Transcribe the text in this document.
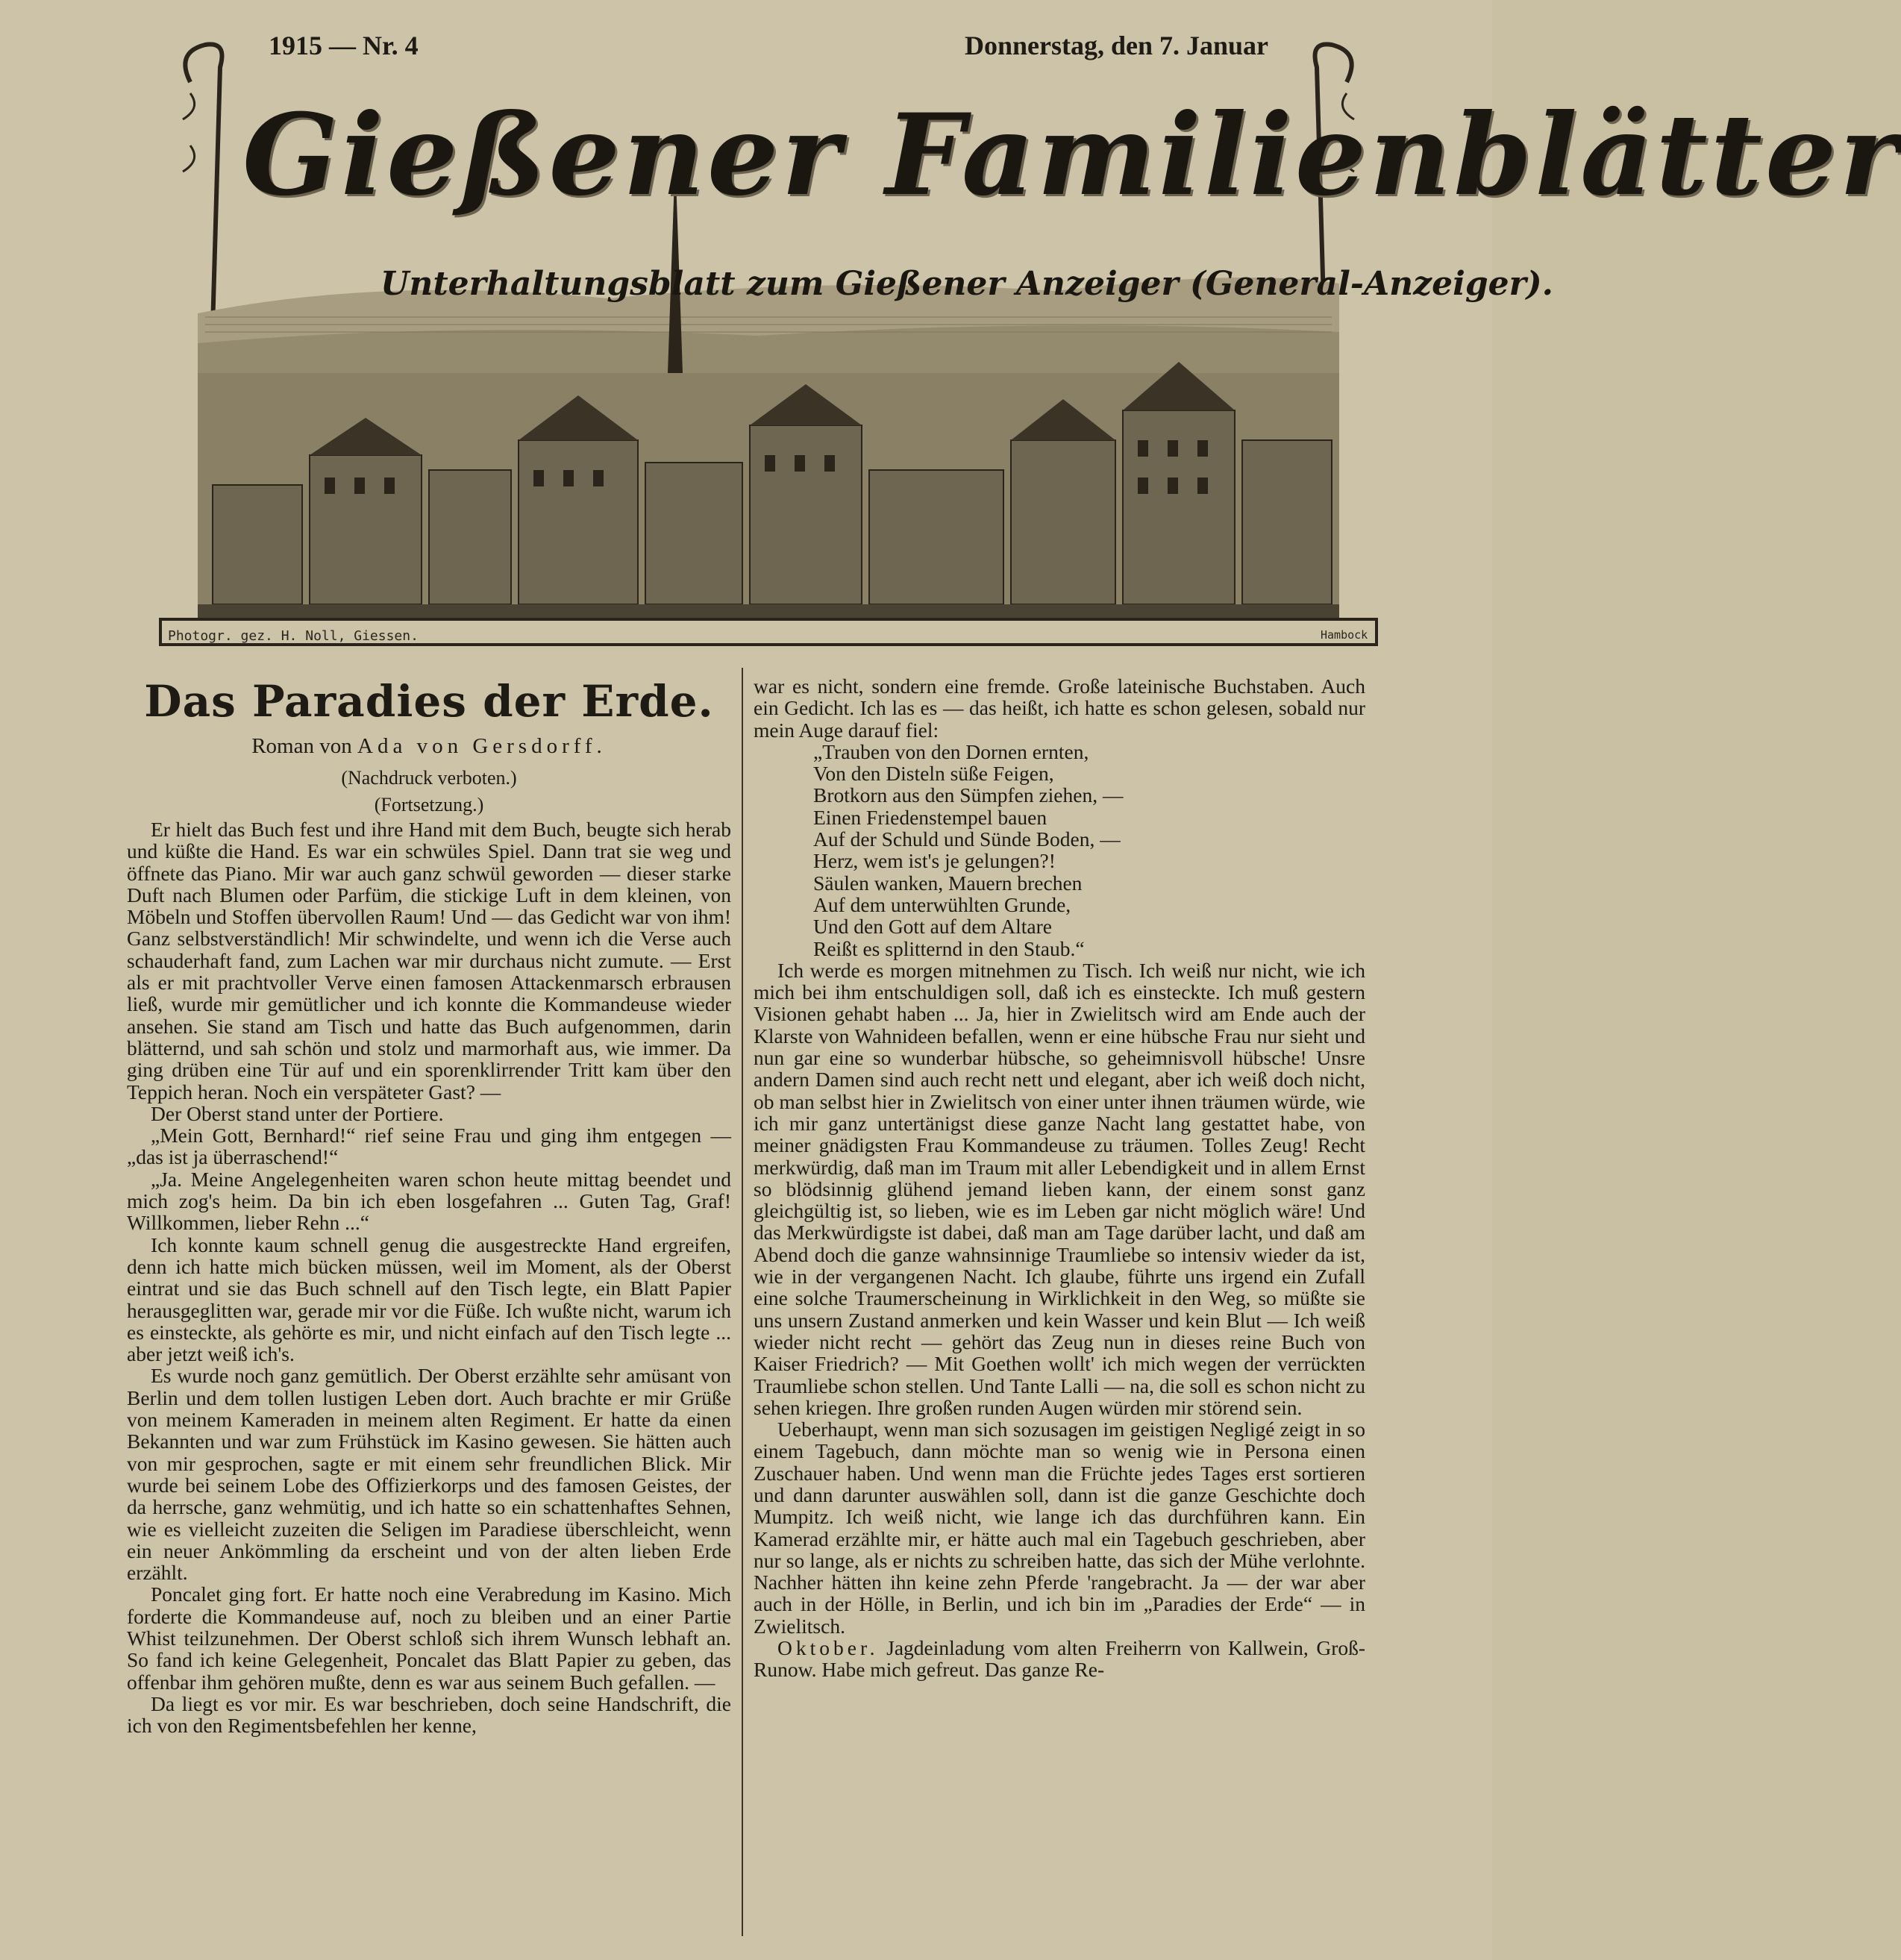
1915 — Nr. 4	Donnerstag, den 7. Januar
Gießener Familienblätter
Unterhaltungsblatt zum Gießener Anzeiger (General-Anzeiger).
Photogr. gez. H. Noll, Giessen.	Hambock
Das Paradies der Erde.
Roman von Ada von Gersdorff.
(Nachdruck verboten.)
(Fortsetzung.)

Er hielt das Buch fest und ihre Hand mit dem Buch, beugte sich herab und küßte die Hand. Es war ein schwüles Spiel. Dann trat sie weg und öffnete das Piano. Mir war auch ganz schwül geworden — dieser starke Duft nach Blumen oder Parfüm, die stickige Luft in dem kleinen, von Möbeln und Stoffen übervollen Raum! Und — das Gedicht war von ihm! Ganz selbstverständlich! Mir schwindelte, und wenn ich die Verse auch schauderhaft fand, zum Lachen war mir durchaus nicht zumute. — Erst als er mit prachtvoller Verve einen famosen Attackenmarsch erbrausen ließ, wurde mir gemütlicher und ich konnte die Kommandeuse wieder ansehen. Sie stand am Tisch und hatte das Buch aufgenommen, darin blätternd, und sah schön und stolz und marmorhaft aus, wie immer. Da ging drüben eine Tür auf und ein sporenklirrender Tritt kam über den Teppich heran. Noch ein verspäteter Gast? —

Der Oberst stand unter der Portiere.

„Mein Gott, Bernhard!“ rief seine Frau und ging ihm entgegen — „das ist ja überraschend!“

„Ja. Meine Angelegenheiten waren schon heute mittag beendet und mich zog's heim. Da bin ich eben losgefahren ... Guten Tag, Graf! Willkommen, lieber Rehn ...“

Ich konnte kaum schnell genug die ausgestreckte Hand ergreifen, denn ich hatte mich bücken müssen, weil im Moment, als der Oberst eintrat und sie das Buch schnell auf den Tisch legte, ein Blatt Papier herausgeglitten war, gerade mir vor die Füße. Ich wußte nicht, warum ich es einsteckte, als gehörte es mir, und nicht einfach auf den Tisch legte ... aber jetzt weiß ich's.

Es wurde noch ganz gemütlich. Der Oberst erzählte sehr amüsant von Berlin und dem tollen lustigen Leben dort. Auch brachte er mir Grüße von meinem Kameraden in meinem alten Regiment. Er hatte da einen Bekannten und war zum Frühstück im Kasino gewesen. Sie hätten auch von mir gesprochen, sagte er mit einem sehr freundlichen Blick. Mir wurde bei seinem Lobe des Offizierkorps und des famosen Geistes, der da herrsche, ganz wehmütig, und ich hatte so ein schattenhaftes Sehnen, wie es vielleicht zuzeiten die Seligen im Paradiese überschleicht, wenn ein neuer Ankömmling da erscheint und von der alten lieben Erde erzählt.

Poncalet ging fort. Er hatte noch eine Verabredung im Kasino. Mich forderte die Kommandeuse auf, noch zu bleiben und an einer Partie Whist teilzunehmen. Der Oberst schloß sich ihrem Wunsch lebhaft an. So fand ich keine Gelegenheit, Poncalet das Blatt Papier zu geben, das offenbar ihm gehören mußte, denn es war aus seinem Buch gefallen. —

Da liegt es vor mir. Es war beschrieben, doch seine Handschrift, die ich von den Regimentsbefehlen her kenne,

war es nicht, sondern eine fremde. Große lateinische Buchstaben. Auch ein Gedicht. Ich las es — das heißt, ich hatte es schon gelesen, sobald nur mein Auge darauf fiel:

„Trauben von den Dornen ernten,
Von den Disteln süße Feigen,
Brotkorn aus den Sümpfen ziehen, —
Einen Friedenstempel bauen
Auf der Schuld und Sünde Boden, —
Herz, wem ist's je gelungen?!
Säulen wanken, Mauern brechen
Auf dem unterwühlten Grunde,
Und den Gott auf dem Altare
Reißt es splitternd in den Staub.“

Ich werde es morgen mitnehmen zu Tisch. Ich weiß nur nicht, wie ich mich bei ihm entschuldigen soll, daß ich es einsteckte. Ich muß gestern Visionen gehabt haben ... Ja, hier in Zwielitsch wird am Ende auch der Klarste von Wahnideen befallen, wenn er eine hübsche Frau nur sieht und nun gar eine so wunderbar hübsche, so geheimnisvoll hübsche! Unsre andern Damen sind auch recht nett und elegant, aber ich weiß doch nicht, ob man selbst hier in Zwielitsch von einer unter ihnen träumen würde, wie ich mir ganz untertänigst diese ganze Nacht lang gestattet habe, von meiner gnädigsten Frau Kommandeuse zu träumen. Tolles Zeug! Recht merkwürdig, daß man im Traum mit aller Lebendigkeit und in allem Ernst so blödsinnig glühend jemand lieben kann, der einem sonst ganz gleichgültig ist, so lieben, wie es im Leben gar nicht möglich wäre! Und das Merkwürdigste ist dabei, daß man am Tage darüber lacht, und daß am Abend doch die ganze wahnsinnige Traumliebe so intensiv wieder da ist, wie in der vergangenen Nacht. Ich glaube, führte uns irgend ein Zufall eine solche Traumerscheinung in Wirklichkeit in den Weg, so müßte sie uns unsern Zustand anmerken und kein Wasser und kein Blut — Ich weiß wieder nicht recht — gehört das Zeug nun in dieses reine Buch von Kaiser Friedrich? — Mit Goethen wollt' ich mich wegen der verrückten Traumliebe schon stellen. Und Tante Lalli — na, die soll es schon nicht zu sehen kriegen. Ihre großen runden Augen würden mir störend sein.

Ueberhaupt, wenn man sich sozusagen im geistigen Negligé zeigt in so einem Tagebuch, dann möchte man so wenig wie in Persona einen Zuschauer haben. Und wenn man die Früchte jedes Tages erst sortieren und dann darunter auswählen soll, dann ist die ganze Geschichte doch Mumpitz. Ich weiß nicht, wie lange ich das durchführen kann. Ein Kamerad erzählte mir, er hätte auch mal ein Tagebuch geschrieben, aber nur so lange, als er nichts zu schreiben hatte, das sich der Mühe verlohnte. Nachher hätten ihn keine zehn Pferde 'rangebracht. Ja — der war aber auch in der Hölle, in Berlin, und ich bin im „Paradies der Erde“ — in Zwielitsch.

Oktober. Jagdeinladung vom alten Freiherrn von Kallwein, Groß-Runow. Habe mich gefreut. Das ganze Re-
